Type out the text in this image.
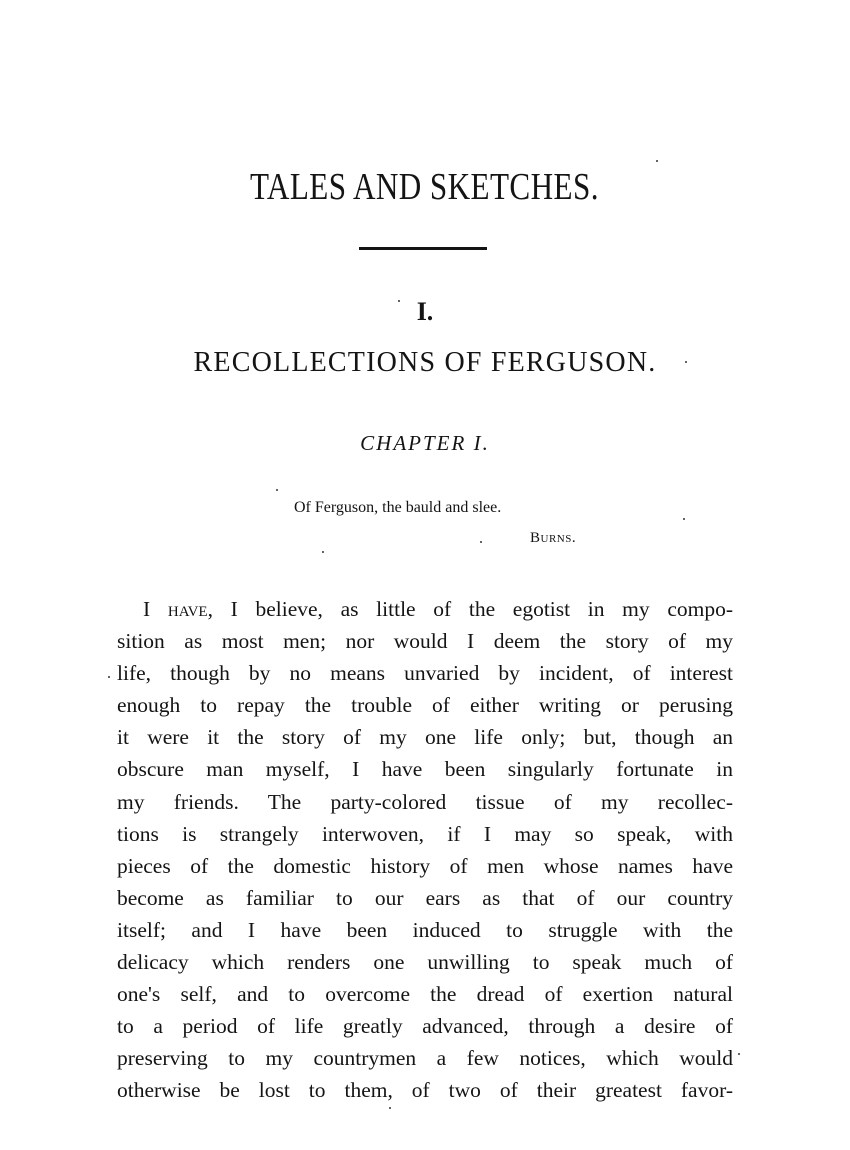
TALES AND SKETCHES.
I.
RECOLLECTIONS OF FERGUSON.
CHAPTER I.
Of Ferguson, the bauld and slee.
Burns.
I have, I believe, as little of the egotist in my compo-
sition as most men; nor would I deem the story of my
life, though by no means unvaried by incident, of interest
enough to repay the trouble of either writing or perusing
it were it the story of my one life only; but, though an
obscure man myself, I have been singularly fortunate in
my friends. The party-colored tissue of my recollec-
tions is strangely interwoven, if I may so speak, with
pieces of the domestic history of men whose names have
become as familiar to our ears as that of our country
itself; and I have been induced to struggle with the
delicacy which renders one unwilling to speak much of
one's self, and to overcome the dread of exertion natural
to a period of life greatly advanced, through a desire of
preserving to my countrymen a few notices, which would
otherwise be lost to them, of two of their greatest favor-
